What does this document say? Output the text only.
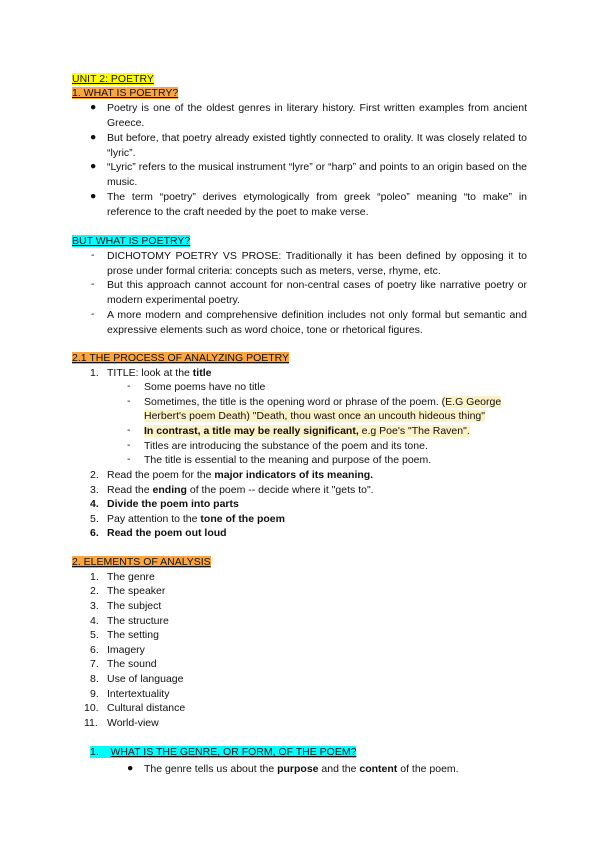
UNIT 2: POETRY
1. WHAT IS POETRY?
● Poetry is one of the oldest genres in literary history. First written examples from ancient Greece.
● But before, that poetry already existed tightly connected to orality. It was closely related to “lyric”.
● “Lyric” refers to the musical instrument “lyre” or “harp” and points to an origin based on the music.
● The term “poetry” derives etymologically from greek “poleo” meaning “to make” in reference to the craft needed by the poet to make verse.
BUT WHAT IS POETRY?
- DICHOTOMY POETRY VS PROSE: Traditionally it has been defined by opposing it to prose under formal criteria: concepts such as meters, verse, rhyme, etc.
- But this approach cannot account for non-central cases of poetry like narrative poetry or modern experimental poetry.
- A more modern and comprehensive definition includes not only formal but semantic and expressive elements such as word choice, tone or rhetorical figures.
2.1 THE PROCESS OF ANALYZING POETRY
1. TITLE: look at the title
- Some poems have no title
- Sometimes, the title is the opening word or phrase of the poem. (E.G George
Herbert's poem Death) "Death, thou wast once an uncouth hideous thing"
- In contrast, a title may be really significant, e.g Poe's "The Raven".
- Titles are introducing the substance of the poem and its tone.
- The title is essential to the meaning and purpose of the poem.
2. Read the poem for the major indicators of its meaning.
3. Read the ending of the poem -- decide where it "gets to".
4. Divide the poem into parts
5. Pay attention to the tone of the poem
6. Read the poem out loud
2. ELEMENTS OF ANALYSIS
1. The genre
2. The speaker
3. The subject
4. The structure
5. The setting
6. Imagery
7. The sound
8. Use of language
9. Intertextuality
10. Cultural distance
11. World-view
1. WHAT IS THE GENRE, OR FORM, OF THE POEM?
● The genre tells us about the purpose and the content of the poem.
